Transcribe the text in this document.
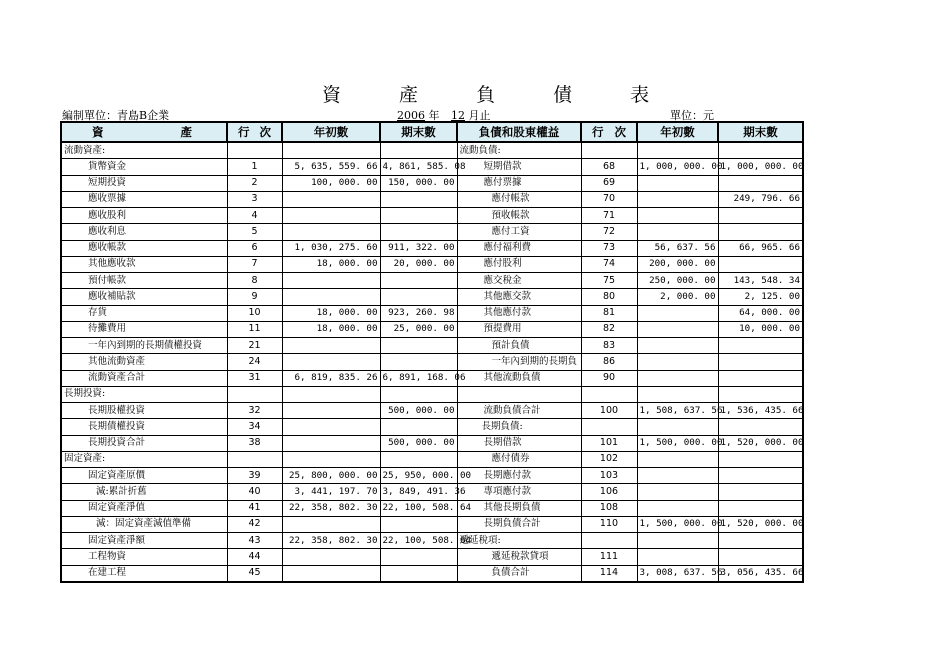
資 產 負 債 表
編制單位：青島B企業	2006 年 12 月止	單位：元
資 產	行 次	年初數	期末數	負債和股東權益	行 次	年初數	期末數
流動資產:				流動負債:			
貨幣資金	1	5, 635, 559. 66	4, 861, 585. 08	短期借款	68	1, 000, 000. 00	1, 000, 000. 00
短期投資	2	100, 000. 00	150, 000. 00	應付票據	69		
應收票據	3			應付帳款	70		249, 796. 66
應收股利	4			預收帳款	71		
應收利息	5			應付工資	72		
應收帳款	6	1, 030, 275. 60	911, 322. 00	應付福利費	73	56, 637. 56	66, 965. 66
其他應收款	7	18, 000. 00	20, 000. 00	應付股利	74	200, 000. 00	
預付帳款	8			應交稅金	75	250, 000. 00	143, 548. 34
應收補貼款	9			其他應交款	80	2, 000. 00	2, 125. 00
存貨	10	18, 000. 00	923, 260. 98	其他應付款	81		64, 000. 00
待攤費用	11	18, 000. 00	25, 000. 00	預提費用	82		10, 000. 00
一年內到期的長期債權投資	21			預計負債	83		
其他流動資產	24			一年內到期的長期負	86		
流動資產合計	31	6, 819, 835. 26	6, 891, 168. 06	其他流動負債	90		
長期投資:							
長期股權投資	32		500, 000. 00	流動負債合計	100	1, 508, 637. 56	1, 536, 435. 66
長期債權投資	34			長期負債:			
長期投資合計	38		500, 000. 00	長期借款	101	1, 500, 000. 00	1, 520, 000. 00
固定資產:				應付債券	102		
固定資產原價	39	25, 800, 000. 00	25, 950, 000. 00	長期應付款	103		
減:累計折舊	40	3, 441, 197. 70	3, 849, 491. 36	專項應付款	106		
固定資產淨值	41	22, 358, 802. 30	22, 100, 508. 64	其他長期負債	108		
減：固定資產減值準備	42			長期負債合計	110	1, 500, 000. 00	1, 520, 000. 00
固定資產淨額	43	22, 358, 802. 30	22, 100, 508. 64	遞延稅項:			
工程物資	44			遞延稅款貸項	111		
在建工程	45			負債合計	114	3, 008, 637. 56	3, 056, 435. 66
